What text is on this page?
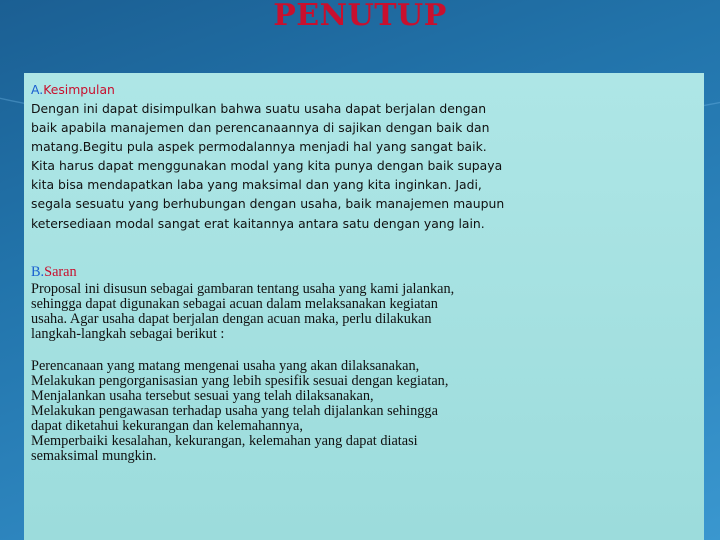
PENUTUP
A.Kesimpulan

Dengan ini dapat disimpulkan bahwa suatu usaha dapat berjalan dengan

baik apabila manajemen dan perencanaannya di sajikan dengan baik dan

matang.Begitu pula aspek permodalannya menjadi hal yang sangat baik.

Kita harus dapat menggunakan modal yang kita punya dengan baik supaya

kita bisa mendapatkan laba yang maksimal dan yang kita inginkan. Jadi,

segala sesuatu yang berhubungan dengan usaha, baik manajemen maupun

ketersediaan modal sangat erat kaitannya antara satu dengan yang lain.

B.Saran

Proposal ini disusun sebagai gambaran tentang usaha yang kami jalankan,

sehingga dapat digunakan sebagai acuan dalam melaksanakan kegiatan

usaha. Agar usaha dapat berjalan dengan acuan maka, perlu dilakukan

langkah-langkah sebagai berikut :

Perencanaan yang matang mengenai usaha yang akan dilaksanakan,

Melakukan pengorganisasian yang lebih spesifik sesuai dengan kegiatan,

Menjalankan usaha tersebut sesuai yang telah dilaksanakan,

Melakukan pengawasan terhadap usaha yang telah dijalankan sehingga

dapat diketahui kekurangan dan kelemahannya,

Memperbaiki kesalahan, kekurangan, kelemahan yang dapat diatasi

semaksimal mungkin.
